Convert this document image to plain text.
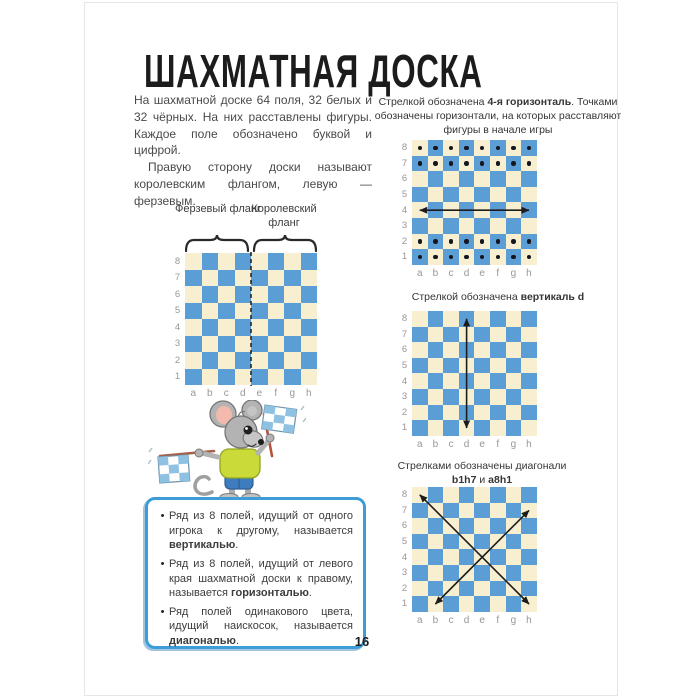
ШАХМАТНАЯ ДОСКА

На шахматной доске 64 поля, 32 белых и 32 чёрных. На них расставлены фигуры. Каждое поле обозначено буквой и цифрой.

Правую сторону доски называют королевским флангом, левую — ферзевым.

Ферзевый фланг
Королевский фланг
8
7
6
5
4
3
2
1
a	b	c	d	e	f	g	h
Стрелкой обозначена 4-я горизонталь. Точками обозначены горизонтали, на которых расставляют фигуры в начале игры
8
7
6
5
4
3
2
1
a	b	c	d	e	f	g	h
Стрелкой обозначена вертикаль d
8
7
6
5
4
3
2
1
a	b	c	d	e	f	g	h
Стрелками обозначены диагонали b1h7 и a8h1
8
7
6
5
4
3
2
1
a	b	c	d	e	f	g	h
• Ряд из 8 полей, идущий от одного игрока к другому, называется вертикалью.
• Ряд из 8 полей, идущий от левого края шахматной доски к правому, называется горизонталью.
• Ряд полей одинакового цвета, идущий наискосок, называется диагональю.	16
